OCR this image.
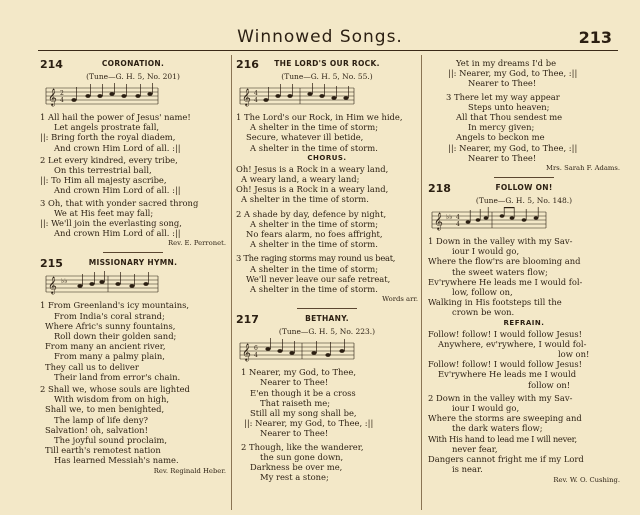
Winnowed Songs.	213
214	CORONATION.
(Tune—G. H. 5, No. 201)
𝄞 2
4
1 All hail the power of Jesus' name!
Let angels prostrate fall,
||: Bring forth the royal diadem,
And crown Him Lord of all. :||
2 Let every kindred, every tribe,
On this terrestrial ball,
||: To Him all majesty ascribe,
And crown Him Lord of all. :||
3 Oh, that with yonder sacred throng
We at His feet may fall;
||: We'll join the everlasting song,
And crown Him Lord of all. :||
Rev. E. Perronet.
215	MISSIONARY HYMN.
𝄞 ♭♭
1 From Greenland's icy mountains,
From India's coral strand;
Where Afric's sunny fountains,
Roll down their golden sand;
From many an ancient river,
From many a palmy plain,
They call us to deliver
Their land from error's chain.
2 Shall we, whose souls are lighted
With wisdom from on high,
Shall we, to men benighted,
The lamp of life deny?
Salvation! oh, salvation!
The joyful sound proclaim,
Till earth's remotest nation
Has learned Messiah's name.
Rev. Reginald Heber.
216	THE LORD'S OUR ROCK.
(Tune—G. H. 5, No. 55.)
𝄞 4
4
1 The Lord's our Rock, in Him we hide,
A shelter in the time of storm;
Secure, whatever ill betide,
A shelter in the time of storm.
CHORUS.
Oh! Jesus is a Rock in a weary land,
A weary land, a weary land;
Oh! Jesus is a Rock in a weary land,
A shelter in the time of storm.
2 A shade by day, defence by night,
A shelter in the time of storm;
No fears alarm, no foes affright,
A shelter in the time of storm.
3 The raging storms may round us beat,
A shelter in the time of storm;
We'll never leave our safe retreat,
A shelter in the time of storm.
Words arr.
217	BETHANY.
(Tune—G. H. 5, No. 223.)
𝄞 6
4
1 Nearer, my God, to Thee,
Nearer to Thee!
E'en though it be a cross
That raiseth me;
Still all my song shall be,
||: Nearer, my God, to Thee, :||
Nearer to Thee!
2 Though, like the wanderer,
the sun gone down,
Darkness be over me,
My rest a stone;
Yet in my dreams I'd be
||: Nearer, my God, to Thee, :||
Nearer to Thee!
3 There let my way appear
Steps unto heaven;
All that Thou sendest me
In mercy given;
Angels to beckon me
||: Nearer, my God, to Thee, :||
Nearer to Thee!
Mrs. Sarah F. Adams.
218	FOLLOW ON!
(Tune—G. H. 5, No. 148.)
𝄞 ♭♭ 4
4
1 Down in the valley with my Sav-
iour I would go,
Where the flow'rs are blooming and
the sweet waters flow;
Ev'rywhere He leads me I would fol-
low, follow on,
Walking in His footsteps till the
crown be won.
REFRAIN.
Follow! follow! I would follow Jesus!
Anywhere, ev'rywhere, I would fol-
low on!
Follow! follow! I would follow Jesus!
Ev'rywhere He leads me I would
follow on!
2 Down in the valley with my Sav-
iour I would go,
Where the storms are sweeping and
the dark waters flow;
With His hand to lead me I will never,
never fear,
Dangers cannot fright me if my Lord
is near.
Rev. W. O. Cushing.
